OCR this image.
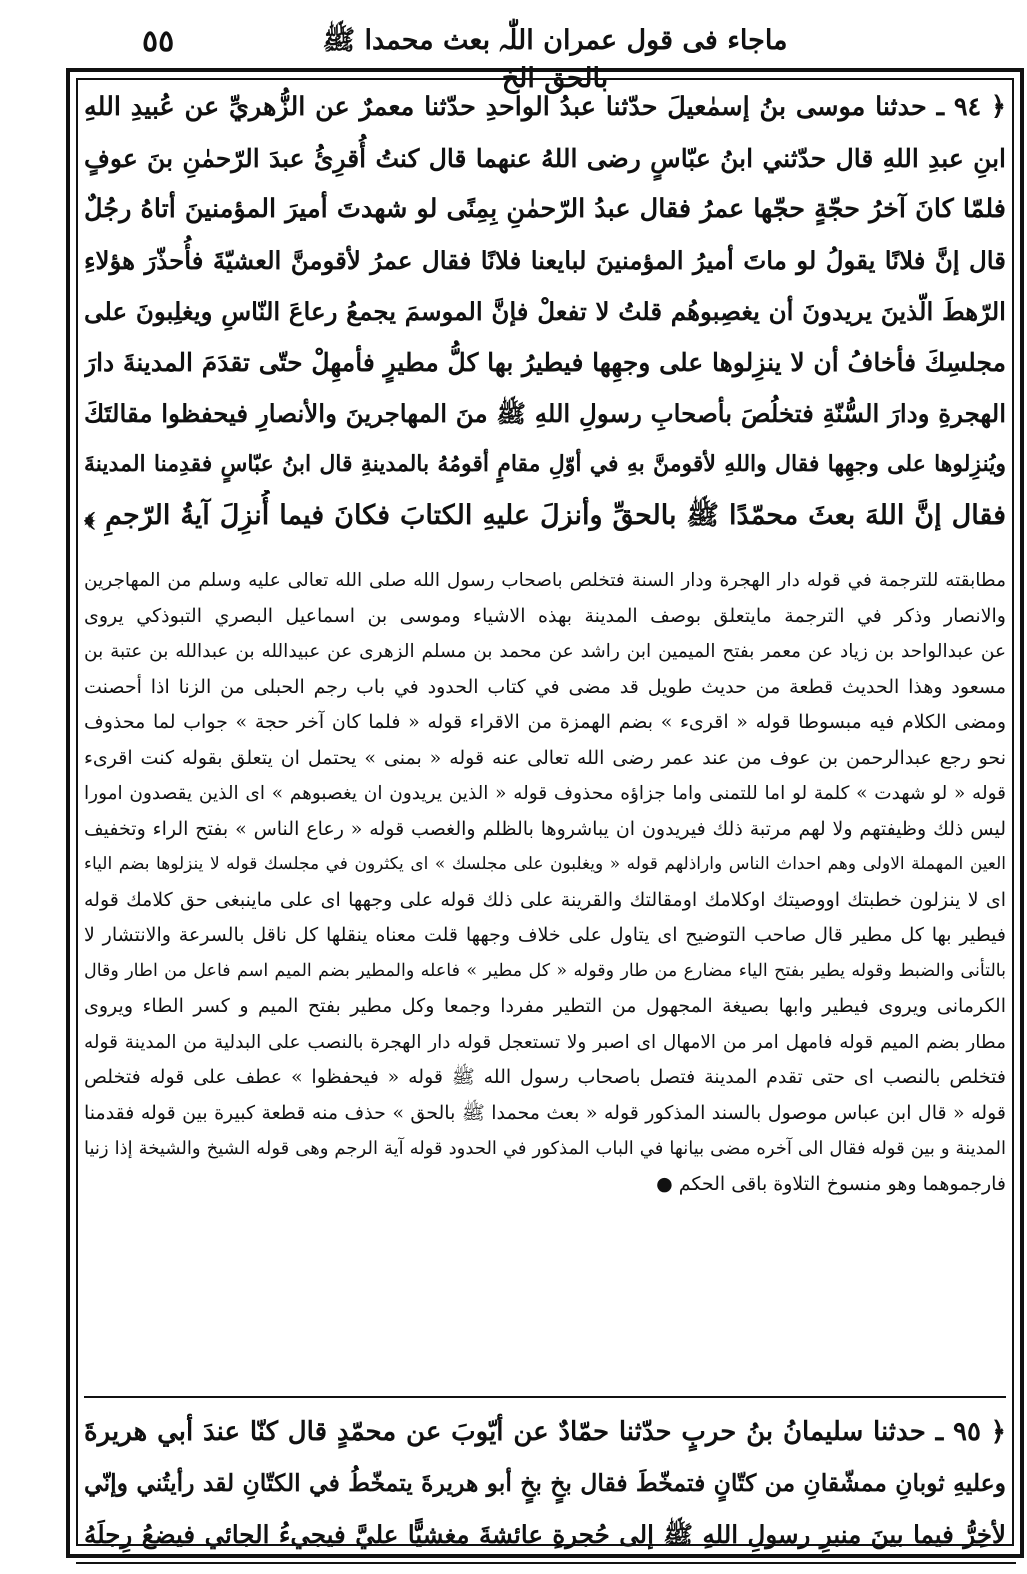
٥٥	ماجاء فی قول عمران اللّٰہ بعث محمدا ﷺ بالحق الخ
﴿ ٩٤ ـ حدثنا موسى بنُ إسمٰعيلَ حدّثنا عبدُ الواحدِ حدّثنا معمرٌ عن الزُّهريِّ عن عُبيدِ اللهِ
ابنِ عبدِ اللهِ قال حدّثني ابنُ عبّاسٍ رضى اللهُ عنهما قال كنتُ أُقرِئُ عبدَ الرّحمٰنِ بنَ عوفٍ
فلمّا كانَ آخرُ حجّةٍ حجّها عمرُ فقال عبدُ الرّحمٰنِ بِمِنًى لو شهدتَ أميرَ المؤمنينَ أتاهُ رجُلٌ
قال إنَّ فلانًا يقولُ لو ماتَ أميرُ المؤمنينَ لبايعنا فلانًا فقال عمرُ لأقومنَّ العشيّةَ فأُحذّرَ هؤلاءِ
الرّهطَ الّذينَ يريدونَ أن يغصِبوهُم قلتُ لا تفعلْ فإنَّ الموسمَ يجمعُ رعاعَ النّاسِ ويغلِبونَ على
مجلسِكَ فأخافُ أن لا ينزِلوها على وجهِها فيطيرُ بها كلُّ مطيرٍ فأمهِلْ حتّى تقدَمَ المدينةَ دارَ
الهجرةِ ودارَ السُّنّةِ فتخلُصَ بأصحابِ رسولِ اللهِ ﷺ منَ المهاجرينَ والأنصارِ فيحفظوا مقالتَكَ
ويُنزِلوها على وجهِها فقال واللهِ لأقومنَّ بهِ في أوّلِ مقامٍ أقومُهُ بالمدينةِ قال ابنُ عبّاسٍ فقدِمنا المدينةَ
فقال إنَّ اللهَ بعثَ محمّدًا ﷺ بالحقِّ وأنزلَ عليهِ الكتابَ فكانَ فيما أُنزِلَ آيةُ الرّجمِ ﴾
مطابقته للترجمة في قوله دار الهجرة ودار السنة فتخلص باصحاب رسول الله صلى الله تعالى عليه وسلم من المهاجرين
والانصار وذكر في الترجمة مايتعلق بوصف المدينة بهذه الاشياء وموسى بن اسماعيل البصري التبوذكي يروى
عن عبدالواحد بن زياد عن معمر بفتح الميمين ابن راشد عن محمد بن مسلم الزهرى عن عبيدالله بن عبدالله بن عتبة بن
مسعود وهذا الحديث قطعة من حديث طويل قد مضى في كتاب الحدود في باب رجم الحبلى من الزنا اذا أحصنت
ومضى الكلام فيه مبسوطا قوله « اقرىء » بضم الهمزة من الاقراء قوله « فلما كان آخر حجة » جواب لما محذوف
نحو رجع عبدالرحمن بن عوف من عند عمر رضى الله تعالى عنه قوله « بمنى » يحتمل ان يتعلق بقوله كنت اقرىء
قوله « لو شهدت » كلمة لو اما للتمنى واما جزاؤه محذوف قوله « الذين يريدون ان يغصبوهم » اى الذين يقصدون امورا
ليس ذلك وظيفتهم ولا لهم مرتبة ذلك فيريدون ان يباشروها بالظلم والغصب قوله « رعاع الناس » بفتح الراء وتخفيف
العين المهملة الاولى وهم احداث الناس واراذلهم قوله « ويغلبون على مجلسك » اى يكثرون في مجلسك قوله لا ينزلوها بضم الياء
اى لا ينزلون خطبتك اووصيتك اوكلامك اومقالتك والقرينة على ذلك قوله على وجهها اى على ماينبغى حق كلامك قوله
فيطير بها كل مطير قال صاحب التوضيح اى يتاول على خلاف وجهها قلت معناه ينقلها كل ناقل بالسرعة والانتشار لا
بالتأنى والضبط وقوله يطير بفتح الياء مضارع من طار وقوله « كل مطير » فاعله والمطير بضم الميم اسم فاعل من اطار وقال
الكرمانى ويروى فيطير وابها بصيغة المجهول من التطير مفردا وجمعا وكل مطير بفتح الميم و كسر الطاء ويروى
مطار بضم الميم قوله فامهل امر من الامهال اى اصبر ولا تستعجل قوله دار الهجرة بالنصب على البدلية من المدينة قوله
فتخلص بالنصب اى حتى تقدم المدينة فتصل باصحاب رسول الله ﷺ قوله « فيحفظوا » عطف على قوله فتخلص
قوله « قال ابن عباس موصول بالسند المذكور قوله « بعث محمدا ﷺ بالحق » حذف منه قطعة كبيرة بين قوله فقدمنا
المدينة و بين قوله فقال الى آخره مضى بيانها في الباب المذكور في الحدود قوله آية الرجم وهى قوله الشيخ والشيخة إذا زنيا
فارجموهما وهو منسوخ التلاوة باقى الحكم ●
﴿ ٩٥ ـ حدثنا سليمانُ بنُ حربٍ حدّثنا حمّادٌ عن أيّوبَ عن محمّدٍ قال كنّا عندَ أبي هريرةَ
وعليهِ ثوبانِ ممشّقانِ من كتّانٍ فتمخّطَ فقال بخٍ بخٍ أبو هريرةَ يتمخّطُ في الكتّانِ لقد رأيتُني وإنّي
لأخِرُّ فيما بينَ منبرِ رسولِ اللهِ ﷺ إلى حُجرةِ عائشةَ مغشيًّا عليَّ فيجيءُ الجائي فيضعُ رِجلَهُ
